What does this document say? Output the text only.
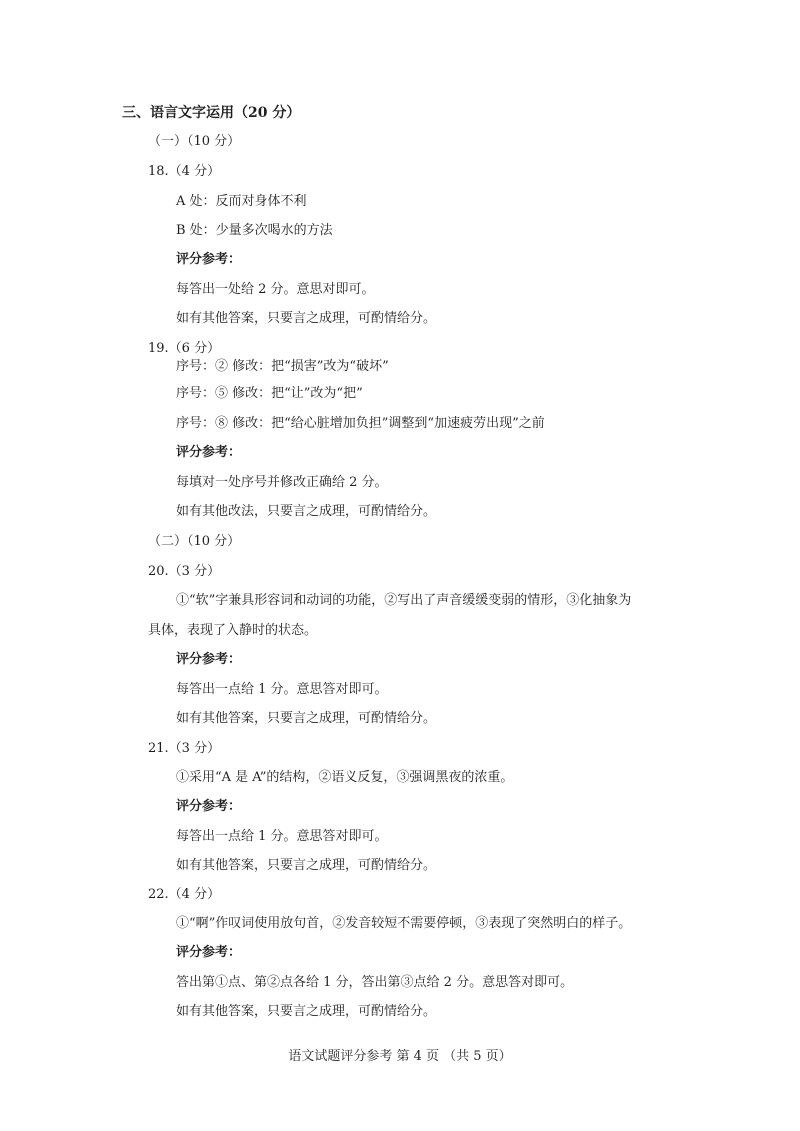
三、语言文字运用（20 分）
（一）（10 分）
18.（4 分）
A 处：反而对身体不利
B 处：少量多次喝水的方法
评分参考：
每答出一处给 2 分。意思对即可。
如有其他答案，只要言之成理，可酌情给分。
19.（6 分）
序号：② 修改：把“损害”改为“破坏”
序号：⑤ 修改：把“让”改为“把”
序号：⑧ 修改：把“给心脏增加负担”调整到“加速疲劳出现”之前
评分参考：
每填对一处序号并修改正确给 2 分。
如有其他改法，只要言之成理，可酌情给分。
（二）（10 分）
20.（3 分）
①“软”字兼具形容词和动词的功能，②写出了声音缓缓变弱的情形，③化抽象为
具体，表现了入静时的状态。
评分参考：
每答出一点给 1 分。意思答对即可。
如有其他答案，只要言之成理，可酌情给分。
21.（3 分）
①采用“A 是 A”的结构，②语义反复，③强调黑夜的浓重。
评分参考：
每答出一点给 1 分。意思答对即可。
如有其他答案，只要言之成理，可酌情给分。
22.（4 分）
①“啊”作叹词使用放句首，②发音较短不需要停顿，③表现了突然明白的样子。
评分参考：
答出第①点、第②点各给 1 分，答出第③点给 2 分。意思答对即可。
如有其他答案，只要言之成理，可酌情给分。
语文试题评分参考 第 4 页 （共 5 页）
